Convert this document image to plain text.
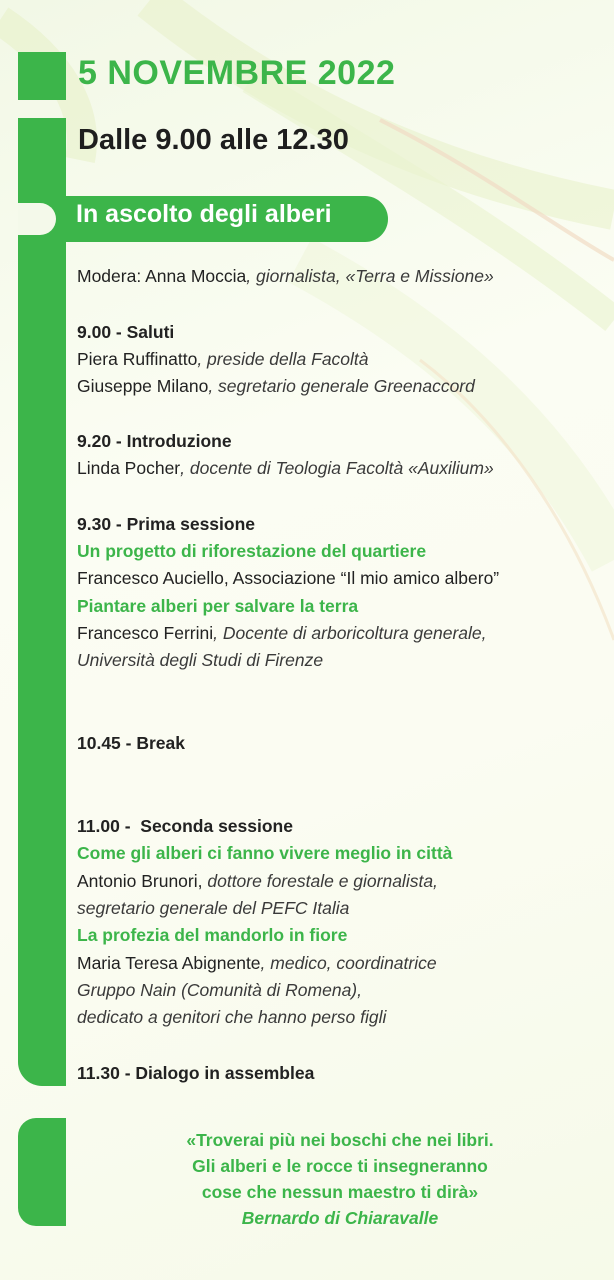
5 NOVEMBRE 2022
Dalle 9.00 alle 12.30
In ascolto degli alberi
Modera: Anna Moccia, giornalista, «Terra e Missione»
9.00 - Saluti
Piera Ruffinatto, preside della Facoltà
Giuseppe Milano, segretario generale Greenaccord
9.20 - Introduzione
Linda Pocher, docente di Teologia Facoltà «Auxilium»
9.30 - Prima sessione
Un progetto di riforestazione del quartiere
Francesco Auciello, Associazione “Il mio amico albero”
Piantare alberi per salvare la terra
Francesco Ferrini, Docente di arboricoltura generale,
Università degli Studi di Firenze
10.45 - Break
11.00 - Seconda sessione
Come gli alberi ci fanno vivere meglio in città
Antonio Brunori, dottore forestale e giornalista,
segretario generale del PEFC Italia
La profezia del mandorlo in fiore
Maria Teresa Abignente, medico, coordinatrice
Gruppo Nain (Comunità di Romena),
dedicato a genitori che hanno perso figli
11.30 - Dialogo in assemblea
«Troverai più nei boschi che nei libri.
Gli alberi e le rocce ti insegneranno
cose che nessun maestro ti dirà»
Bernardo di Chiaravalle
